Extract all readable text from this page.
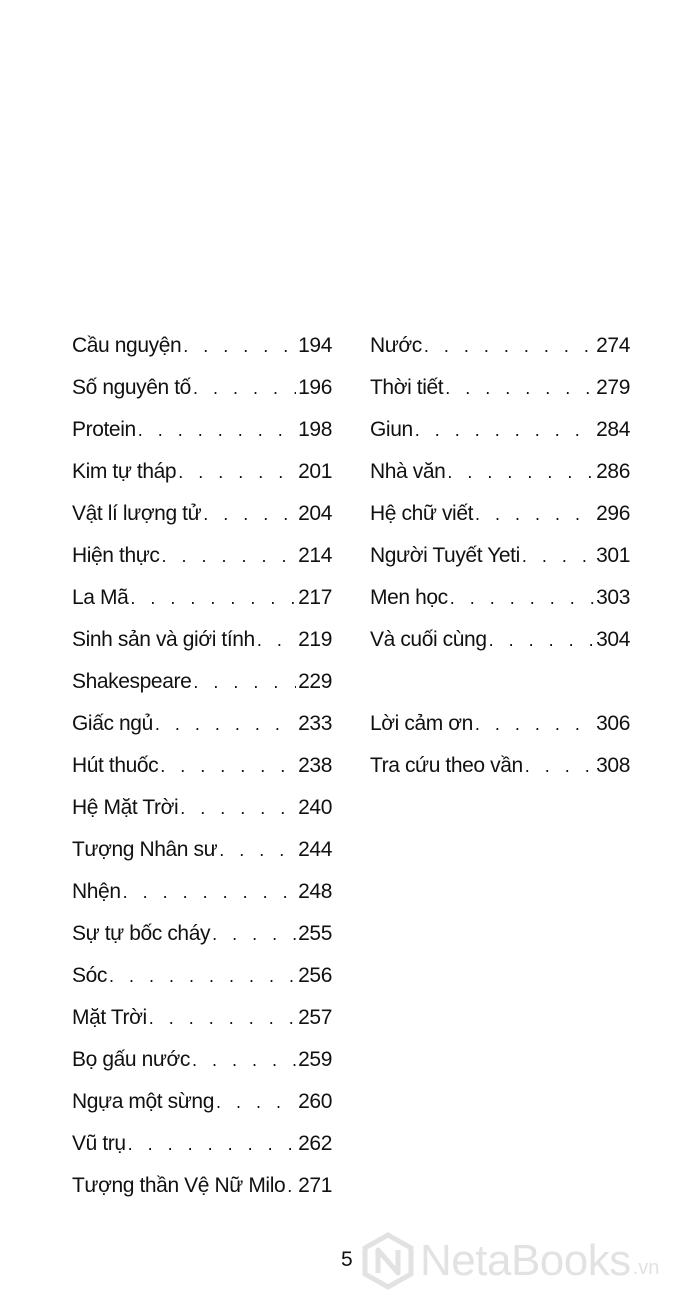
Cầu nguyện . . .	194
Số nguyên tố . . .	196
Protein . . .	198
Kim tự tháp . . .	201
Vật lí lượng tử . . .	204
Hiện thực . . .	214
La Mã . . .	217
Sinh sản và giới tính . . . 219
Shakespeare . . .	229
Giấc ngủ . . .	233
Hút thuốc . . .	238
Hệ Mặt Trời . . .	240
Tượng Nhân sư . . .	244
Nhện . . .	248
Sự tự bốc cháy . . .	255
Sóc . . .	256
Mặt Trời . . .	257
Bọ gấu nước . . .	259
Ngựa một sừng . . .	260
Vũ trụ . . .	262
Tượng thần Vệ Nữ Milo . . . 271
Nước . . .	274
Thời tiết . . .	279
Giun . . .	284
Nhà văn . . .	286
Hệ chữ viết . . .	296
Người Tuyết Yeti . . .	301
Men học . . .	303
Và cuối cùng . . .	304
Lời cảm ơn . . .	306
Tra cứu theo vần . . .	308
5 NetaBooks .vn
